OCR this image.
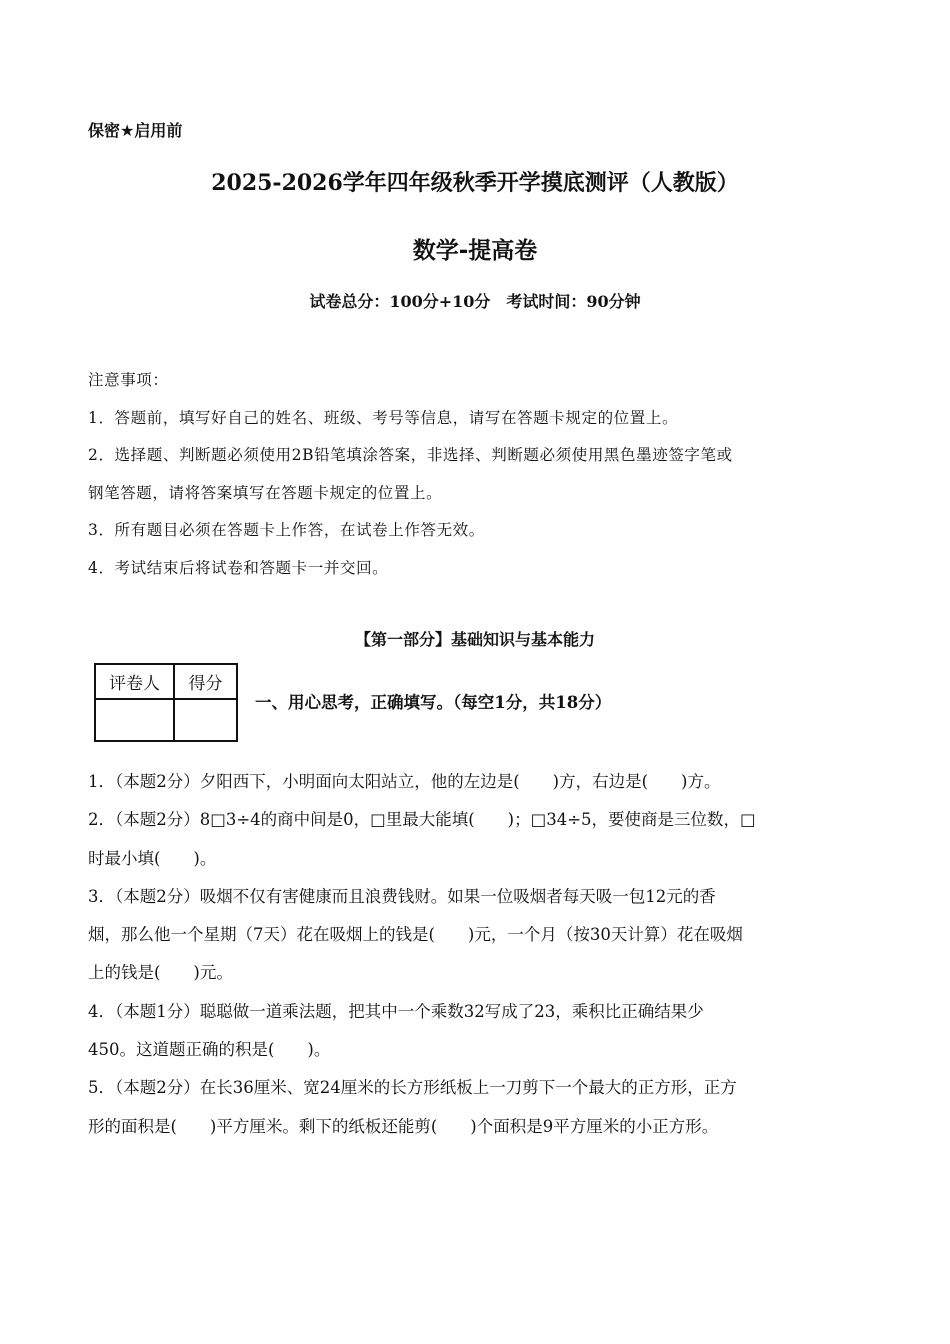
保密★启用前
2025-2026学年四年级秋季开学摸底测评（人教版）
数学-提高卷
试卷总分：100分+10分　考试时间：90分钟
注意事项：
1．答题前，填写好自己的姓名、班级、考号等信息，请写在答题卡规定的位置上。
2．选择题、判断题必须使用2B铅笔填涂答案，非选择、判断题必须使用黑色墨迹签字笔或
钢笔答题，请将答案填写在答题卡规定的位置上。
3．所有题目必须在答题卡上作答，在试卷上作答无效。
4．考试结束后将试卷和答题卡一并交回。
【第一部分】基础知识与基本能力
评卷人	得分

一、用心思考，正确填写。（每空1分，共18分）
1．（本题2分）夕阳西下，小明面向太阳站立，他的左边是(　　)方，右边是(　　)方。
2．（本题2分）8□3÷4的商中间是0，□里最大能填(　　)；□34÷5，要使商是三位数，□
时最小填(　　)。
3．（本题2分）吸烟不仅有害健康而且浪费钱财。如果一位吸烟者每天吸一包12元的香
烟，那么他一个星期（7天）花在吸烟上的钱是(　　)元，一个月（按30天计算）花在吸烟
上的钱是(　　)元。
4．（本题1分）聪聪做一道乘法题，把其中一个乘数32写成了23，乘积比正确结果少
450。这道题正确的积是(　　)。
5．（本题2分）在长36厘米、宽24厘米的长方形纸板上一刀剪下一个最大的正方形，正方
形的面积是(　　)平方厘米。剩下的纸板还能剪(　　)个面积是9平方厘米的小正方形。
